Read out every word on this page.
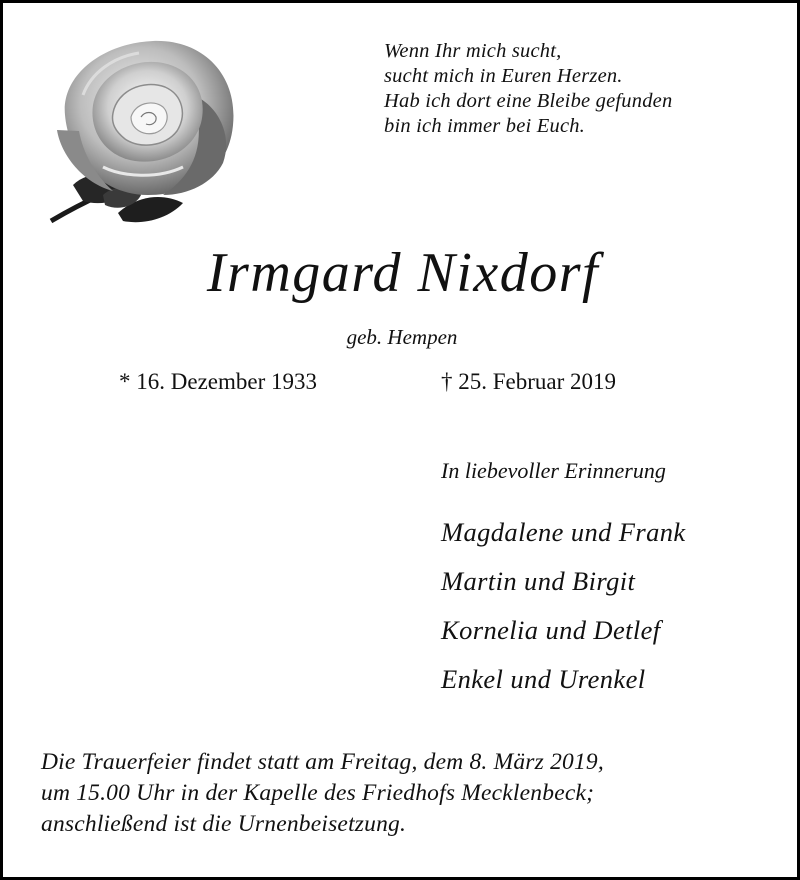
Wenn Ihr mich sucht,
sucht mich in Euren Herzen.
Hab ich dort eine Bleibe gefunden
bin ich immer bei Euch.
Irmgard Nixdorf
geb. Hempen
* 16. Dezember 1933	† 25. Februar 2019
In liebevoller Erinnerung
Magdalene und Frank
Martin und Birgit
Kornelia und Detlef
Enkel und Urenkel
Die Trauerfeier findet statt am Freitag, dem 8. März 2019,
um 15.00 Uhr in der Kapelle des Friedhofs Mecklenbeck;
anschließend ist die Urnenbeisetzung.
